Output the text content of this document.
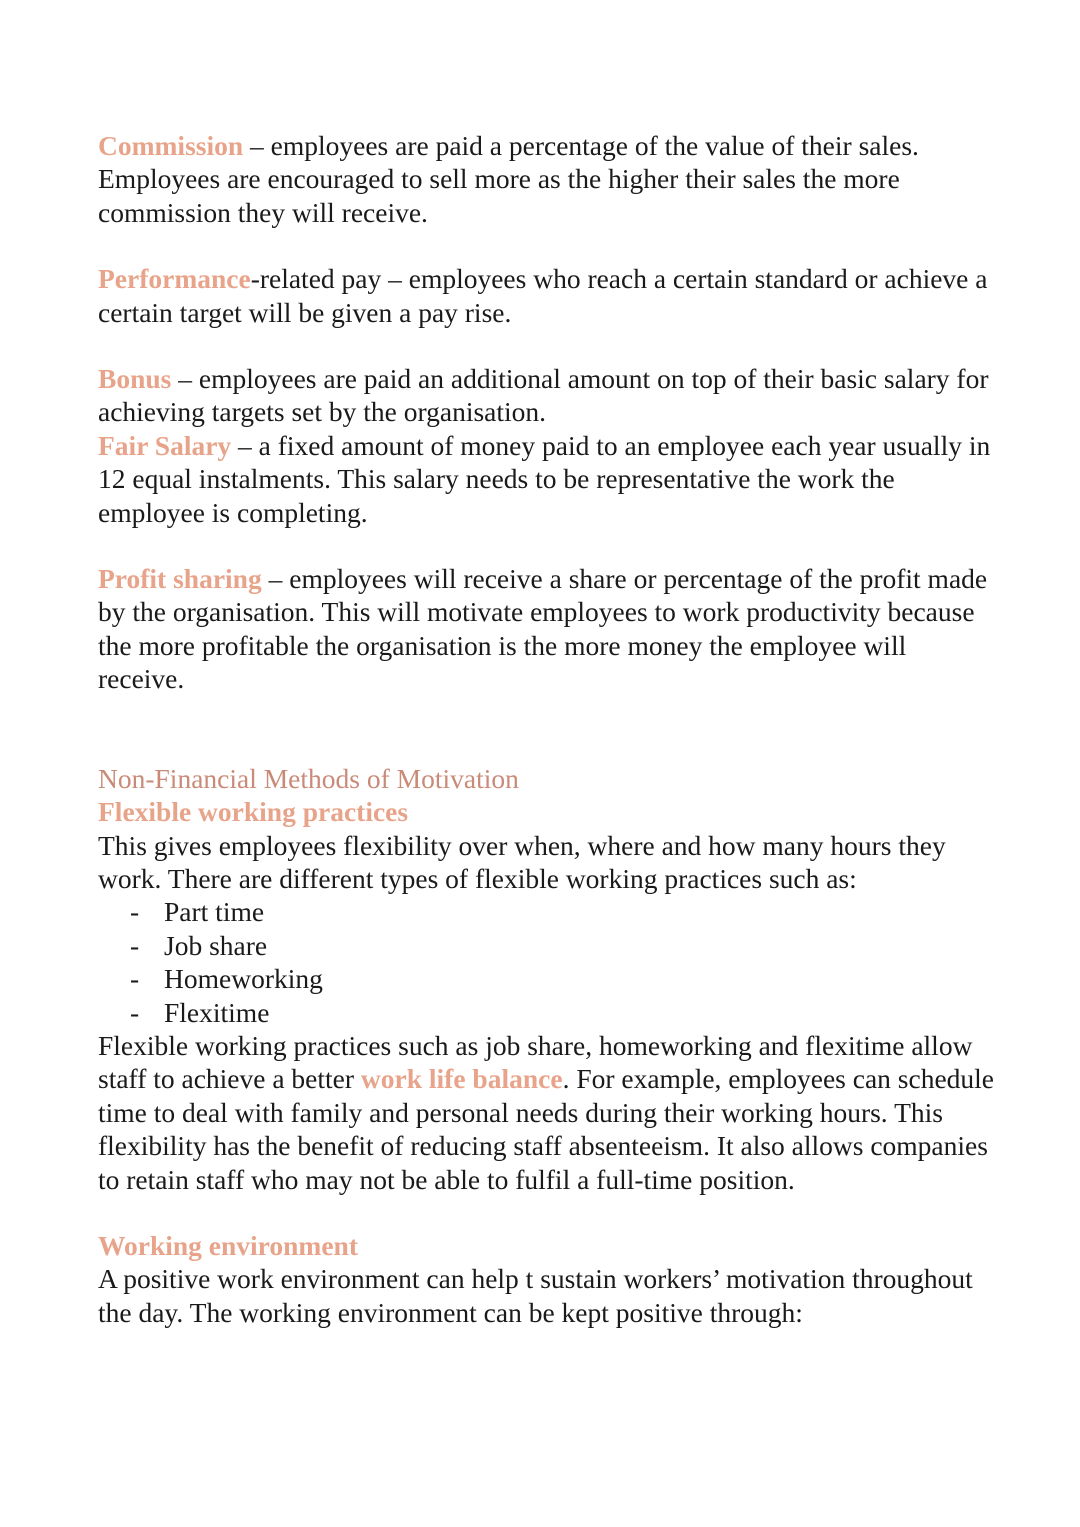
Commission – employees are paid a percentage of the value of their sales. Employees are encouraged to sell more as the higher their sales the more commission they will receive.

Performance-related pay – employees who reach a certain standard or achieve a certain target will be given a pay rise.

Bonus – employees are paid an additional amount on top of their basic salary for achieving targets set by the organisation.

Fair Salary – a fixed amount of money paid to an employee each year usually in 12 equal instalments. This salary needs to be representative the work the employee is completing.

Profit sharing – employees will receive a share or percentage of the profit made by the organisation. This will motivate employees to work productivity because the more profitable the organisation is the more money the employee will receive.

Non-Financial Methods of Motivation

Flexible working practices

This gives employees flexibility over when, where and how many hours they work. There are different types of flexible working practices such as:

- Part time
- Job share
- Homeworking
- Flexitime

Flexible working practices such as job share, homeworking and flexitime allow staff to achieve a better work life balance. For example, employees can schedule time to deal with family and personal needs during their working hours. This flexibility has the benefit of reducing staff absenteeism. It also allows companies to retain staff who may not be able to fulfil a full-time position.

Working environment

A positive work environment can help t sustain workers’ motivation throughout the day. The working environment can be kept positive through:
